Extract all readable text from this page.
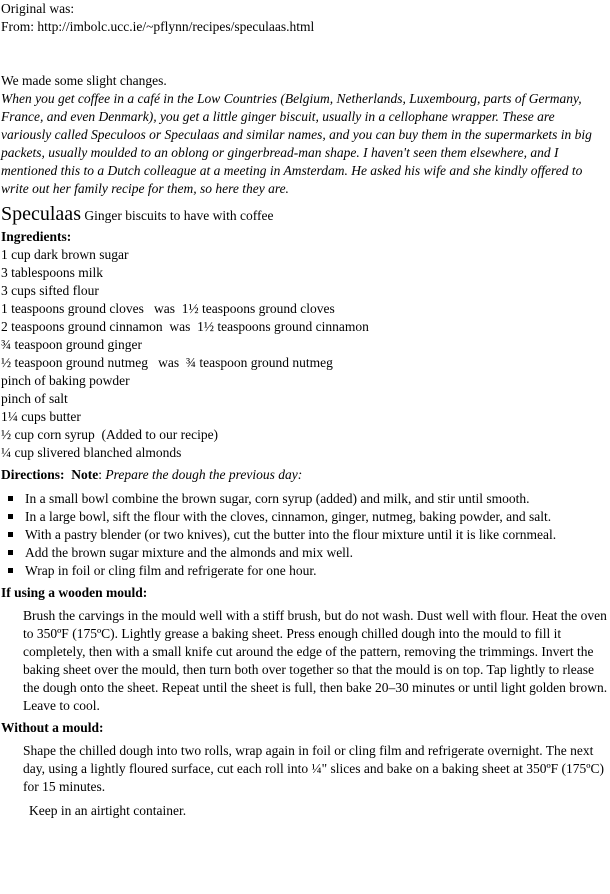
Original was:

From: http://imbolc.ucc.ie/~pflynn/recipes/speculaas.html

We made some slight changes.

When you get coffee in a café in the Low Countries (Belgium, Netherlands, Luxembourg, parts of Germany, France, and even Denmark), you get a little ginger biscuit, usually in a cellophane wrapper. These are variously called Speculoos or Speculaas and similar names, and you can buy them in the supermarkets in big packets, usually moulded to an oblong or gingerbread-man shape. I haven't seen them elsewhere, and I mentioned this to a Dutch colleague at a meeting in Amsterdam. He asked his wife and she kindly offered to write out her family recipe for them, so here they are.

Speculaas Ginger biscuits to have with coffee

Ingredients:

1 cup dark brown sugar
3 tablespoons milk
3 cups sifted flour
1 teaspoons ground cloves   was  1½ teaspoons ground cloves
2 teaspoons ground cinnamon  was  1½ teaspoons ground cinnamon
¾ teaspoon ground ginger
½ teaspoon ground nutmeg   was  ¾ teaspoon ground nutmeg
pinch of baking powder
pinch of salt
1¼ cups butter
½ cup corn syrup  (Added to our recipe)
¼ cup slivered blanched almonds

Directions: Note: Prepare the dough the previous day:

In a small bowl combine the brown sugar, corn syrup (added) and milk, and stir until smooth.
In a large bowl, sift the flour with the cloves, cinnamon, ginger, nutmeg, baking powder, and salt.
With a pastry blender (or two knives), cut the butter into the flour mixture until it is like cornmeal.
Add the brown sugar mixture and the almonds and mix well.
Wrap in foil or cling film and refrigerate for one hour.

If using a wooden mould:

Brush the carvings in the mould well with a stiff brush, but do not wash. Dust well with flour. Heat the oven to 350ºF (175ºC). Lightly grease a baking sheet. Press enough chilled dough into the mould to fill it completely, then with a small knife cut around the edge of the pattern, removing the trimmings. Invert the baking sheet over the mould, then turn both over together so that the mould is on top. Tap lightly to rlease the dough onto the sheet. Repeat until the sheet is full, then bake 20–30 minutes or until light golden brown. Leave to cool.

Without a mould:

Shape the chilled dough into two rolls, wrap again in foil or cling film and refrigerate overnight. The next day, using a lightly floured surface, cut each roll into ¼" slices and bake on a baking sheet at 350ºF (175ºC) for 15 minutes.

Keep in an airtight container.
